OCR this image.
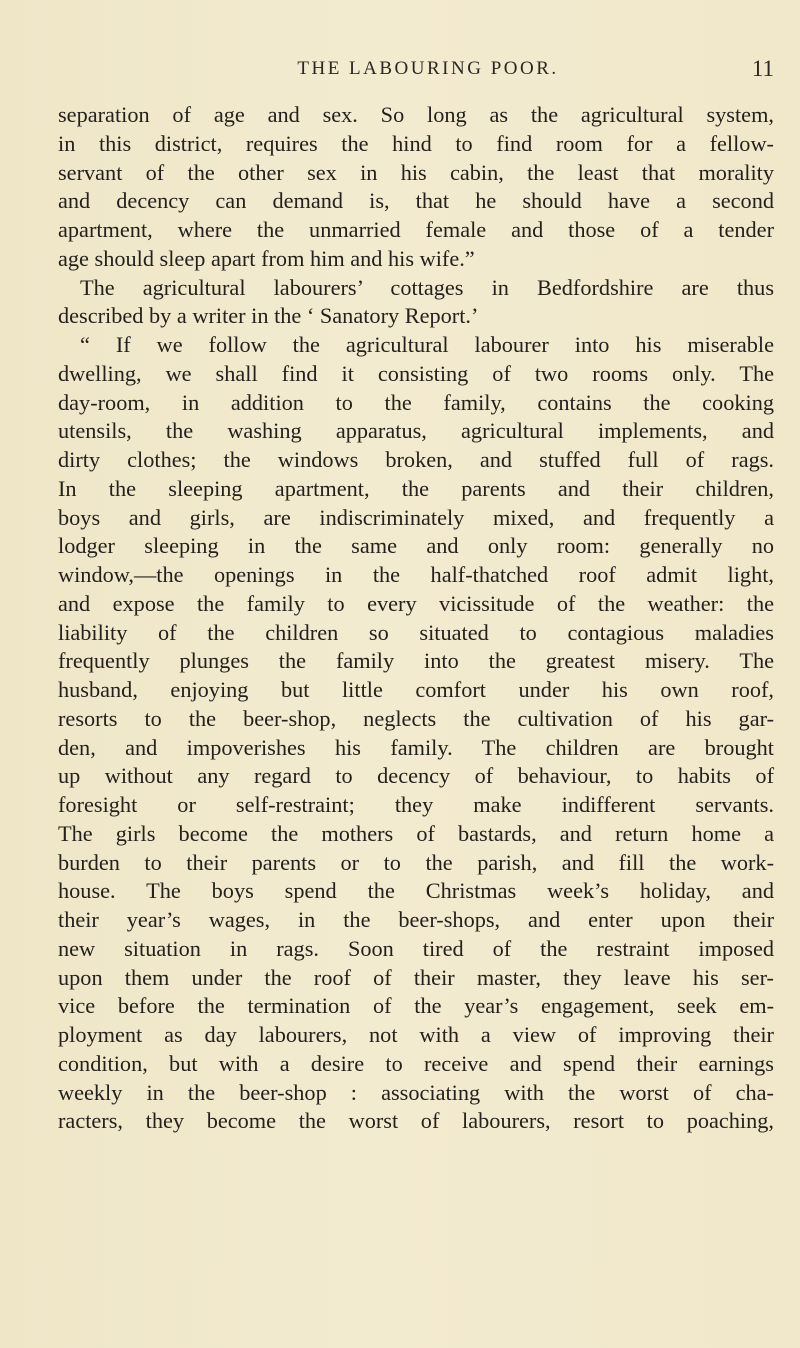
THE LABOURING POOR.	11
separation of age and sex. So long as the agricultural system,
in this district, requires the hind to find room for a fellow-
servant of the other sex in his cabin, the least that morality
and decency can demand is, that he should have a second
apartment, where the unmarried female and those of a tender
age should sleep apart from him and his wife.”
The agricultural labourers’ cottages in Bedfordshire are thus
described by a writer in the ‘ Sanatory Report.’
“ If we follow the agricultural labourer into his miserable
dwelling, we shall find it consisting of two rooms only. The
day-room, in addition to the family, contains the cooking
utensils, the washing apparatus, agricultural implements, and
dirty clothes; the windows broken, and stuffed full of rags.
In the sleeping apartment, the parents and their children,
boys and girls, are indiscriminately mixed, and frequently a
lodger sleeping in the same and only room: generally no
window,—the openings in the half-thatched roof admit light,
and expose the family to every vicissitude of the weather: the
liability of the children so situated to contagious maladies
frequently plunges the family into the greatest misery. The
husband, enjoying but little comfort under his own roof,
resorts to the beer-shop, neglects the cultivation of his gar-
den, and impoverishes his family. The children are brought
up without any regard to decency of behaviour, to habits of
foresight or self-restraint; they make indifferent servants.
The girls become the mothers of bastards, and return home a
burden to their parents or to the parish, and fill the work-
house. The boys spend the Christmas week’s holiday, and
their year’s wages, in the beer-shops, and enter upon their
new situation in rags. Soon tired of the restraint imposed
upon them under the roof of their master, they leave his ser-
vice before the termination of the year’s engagement, seek em-
ployment as day labourers, not with a view of improving their
condition, but with a desire to receive and spend their earnings
weekly in the beer-shop : associating with the worst of cha-
racters, they become the worst of labourers, resort to poaching,
